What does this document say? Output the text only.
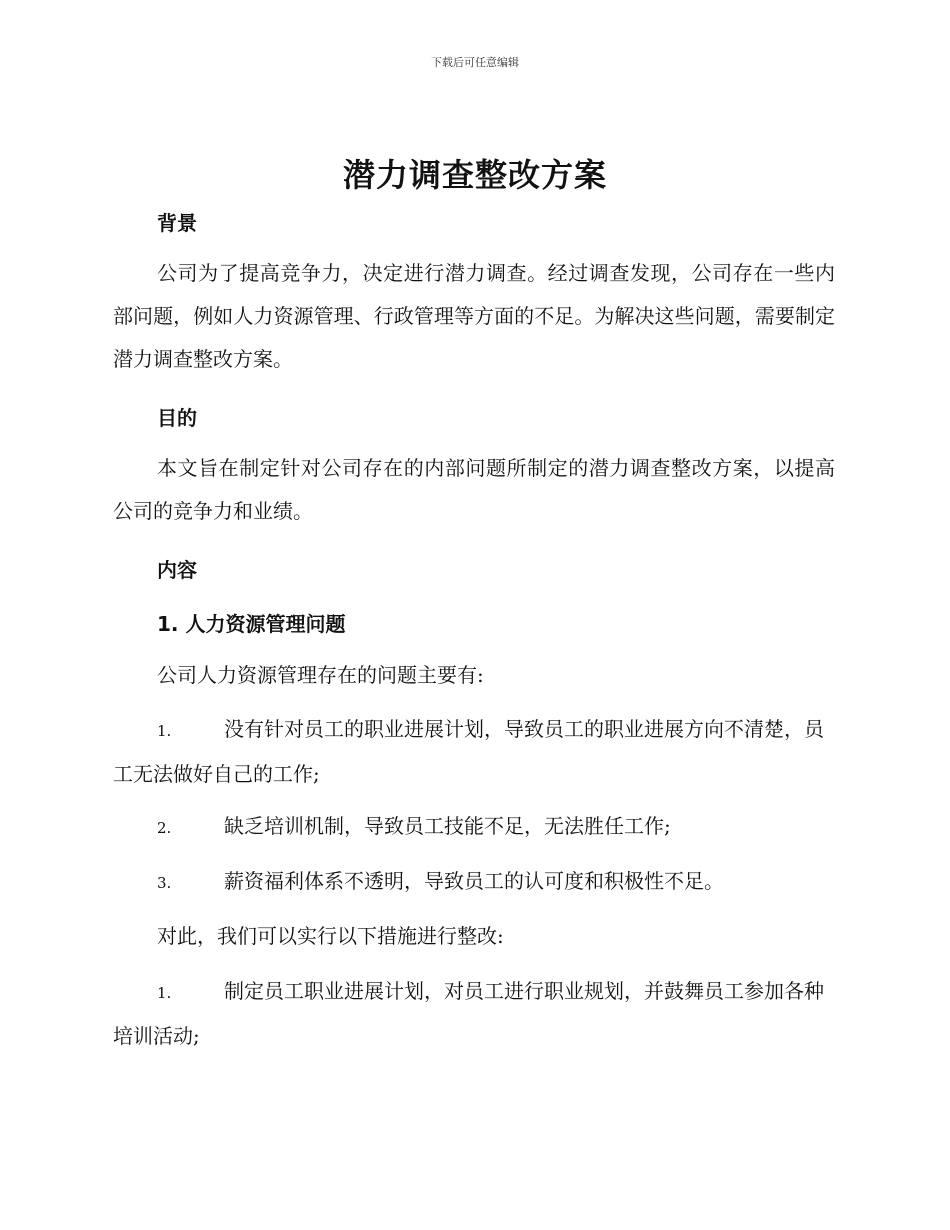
下载后可任意编辑
潜力调查整改方案
背景

公司为了提高竞争力，决定进行潜力调查。经过调查发现，公司存在一些内部问题，例如人力资源管理、行政管理等方面的不足。为解决这些问题，需要制定潜力调查整改方案。

目的

本文旨在制定针对公司存在的内部问题所制定的潜力调查整改方案，以提高公司的竞争力和业绩。

内容
1. 人力资源管理问题

公司人力资源管理存在的问题主要有:

1.	没有针对员工的职业进展计划，导致员工的职业进展方向不清楚，员工无法做好自己的工作;

2.	缺乏培训机制，导致员工技能不足，无法胜任工作;

3.	薪资福利体系不透明，导致员工的认可度和积极性不足。

对此，我们可以实行以下措施进行整改:

1.	制定员工职业进展计划，对员工进行职业规划，并鼓舞员工参加各种培训活动;
